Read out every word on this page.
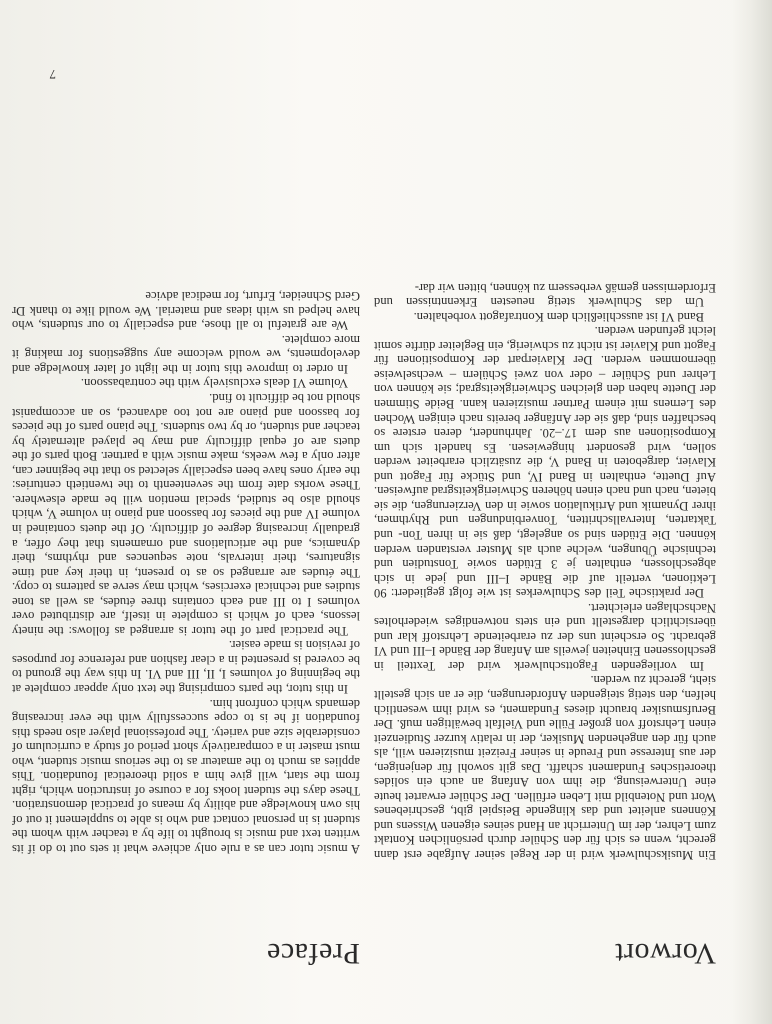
Vorwort

Ein Musikschulwerk wird in der Regel seiner Aufgabe erst dann gerecht, wenn es sich für den Schüler durch persönlichen Kontakt zum Lehrer, der im Unterricht an Hand seines eigenen Wissens und Könnens anleitet und das klingende Beispiel gibt, geschriebenes Wort und Notenbild mit Leben erfüllen. Der Schüler erwartet heute eine Unterweisung, die ihm von Anfang an auch ein solides theoretisches Fundament schafft. Das gilt sowohl für denjenigen, der aus Interesse und Freude in seiner Freizeit musizieren will, als auch für den angehenden Musiker, der in relativ kurzer Studienzeit einen Lehrstoff von großer Fülle und Vielfalt bewältigen muß. Der Berufsmusiker braucht dieses Fundament, es wird ihm wesentlich helfen, den stetig steigenden Anforderungen, die er an sich gestellt sieht, gerecht zu werden.

Im vorliegenden Fagottschulwerk wird der Textteil in geschlossenen Einheiten jeweils am Anfang der Bände I–III und VI gebracht. So erscheint uns der zu erarbeitende Lehrstoff klar und übersichtlich dargestellt und ein stets notwendiges wiederholtes Nachschlagen erleichtert.

Der praktische Teil des Schulwerkes ist wie folgt gegliedert: 90 Lektionen, verteilt auf die Bände I–III und jede in sich abgeschlossen, enthalten je 3 Etüden sowie Tonstudien und technische Übungen, welche auch als Muster verstanden werden können. Die Etüden sind so angelegt, daß sie in ihren Ton- und Taktarten, Intervallschritten, Tonverbindungen und Rhythmen, ihrer Dynamik und Artikulation sowie in den Verzierungen, die sie bieten, nach und nach einen höheren Schwierigkeitsgrad aufweisen. Auf Duette, enthalten in Band IV, und Stücke für Fagott und Klavier, dargeboten in Band V, die zusätzlich erarbeitet werden sollen, wird gesondert hingewiesen. Es handelt sich um Kompositionen aus dem 17.–20. Jahrhundert, deren erstere so beschaffen sind, daß sie der Anfänger bereits nach einigen Wochen des Lernens mit einem Partner musizieren kann. Beide Stimmen der Duette haben den gleichen Schwierigkeitsgrad; sie können von Lehrer und Schüler – oder von zwei Schülern – wechselweise übernommen werden. Der Klavierpart der Kompositionen für Fagott und Klavier ist nicht zu schwierig, ein Begleiter dürfte somit leicht gefunden werden.

Band VI ist ausschließlich dem Kontrafagott vorbehalten.

Um das Schulwerk stetig neuesten Erkenntnissen und Erfordernissen gemäß verbessern zu können, bitten wir dar-

Preface

A music tutor can as a rule only achieve what it sets out to do if its written text and music is brought to life by a teacher with whom the student is in personal contact and who is able to supplement it out of his own knowledge and ability by means of practical demonstration. These days the student looks for a course of instruction which, right from the start, will give him a solid theoretical foundation. This applies as much to the amateur as to the serious music student, who must master in a comparatively short period of study a curriculum of considerable size and variety. The professional player also needs this foundation if he is to cope successfully with the ever increasing demands which confront him.

In this tutor, the parts comprising the text only appear complete at the beginning of volumes I, II, III and VI. In this way the ground to be covered is presented in a clear fashion and reference for purposes of revision is made easier.

The practical part of the tutor is arranged as follows: the ninety lessons, each of which is complete in itself, are distributed over volumes I to III and each contains three études, as well as tone studies and technical exercises, which may serve as patterns to copy. The études are arranged so as to present, in their key and time signatures, their intervals, note sequences and rhythms, their dynamics, and the articulations and ornaments that they offer, a gradually increasing degree of difficulty. Of the duets contained in volume IV and the pieces for bassoon and piano in volume V, which should also be studied, special mention will be made elsewhere. These works date from the seventeenth to the twentieth centuries: the early ones have been especially selected so that the beginner can, after only a few weeks, make music with a partner. Both parts of the duets are of equal difficulty and may be played alternately by teacher and student, or by two students. The piano parts of the pieces for bassoon and piano are not too advanced, so an accompanist should not be difficult to find.

Volume VI deals exclusively with the contrabassoon.

In order to improve this tutor in the light of later knowledge and developments, we would welcome any suggestions for making it more complete.

We are grateful to all those, and especially to our students, who have helped us with ideas and material. We would like to thank Dr Gerd Schneider, Erfurt, for medical advice

7
